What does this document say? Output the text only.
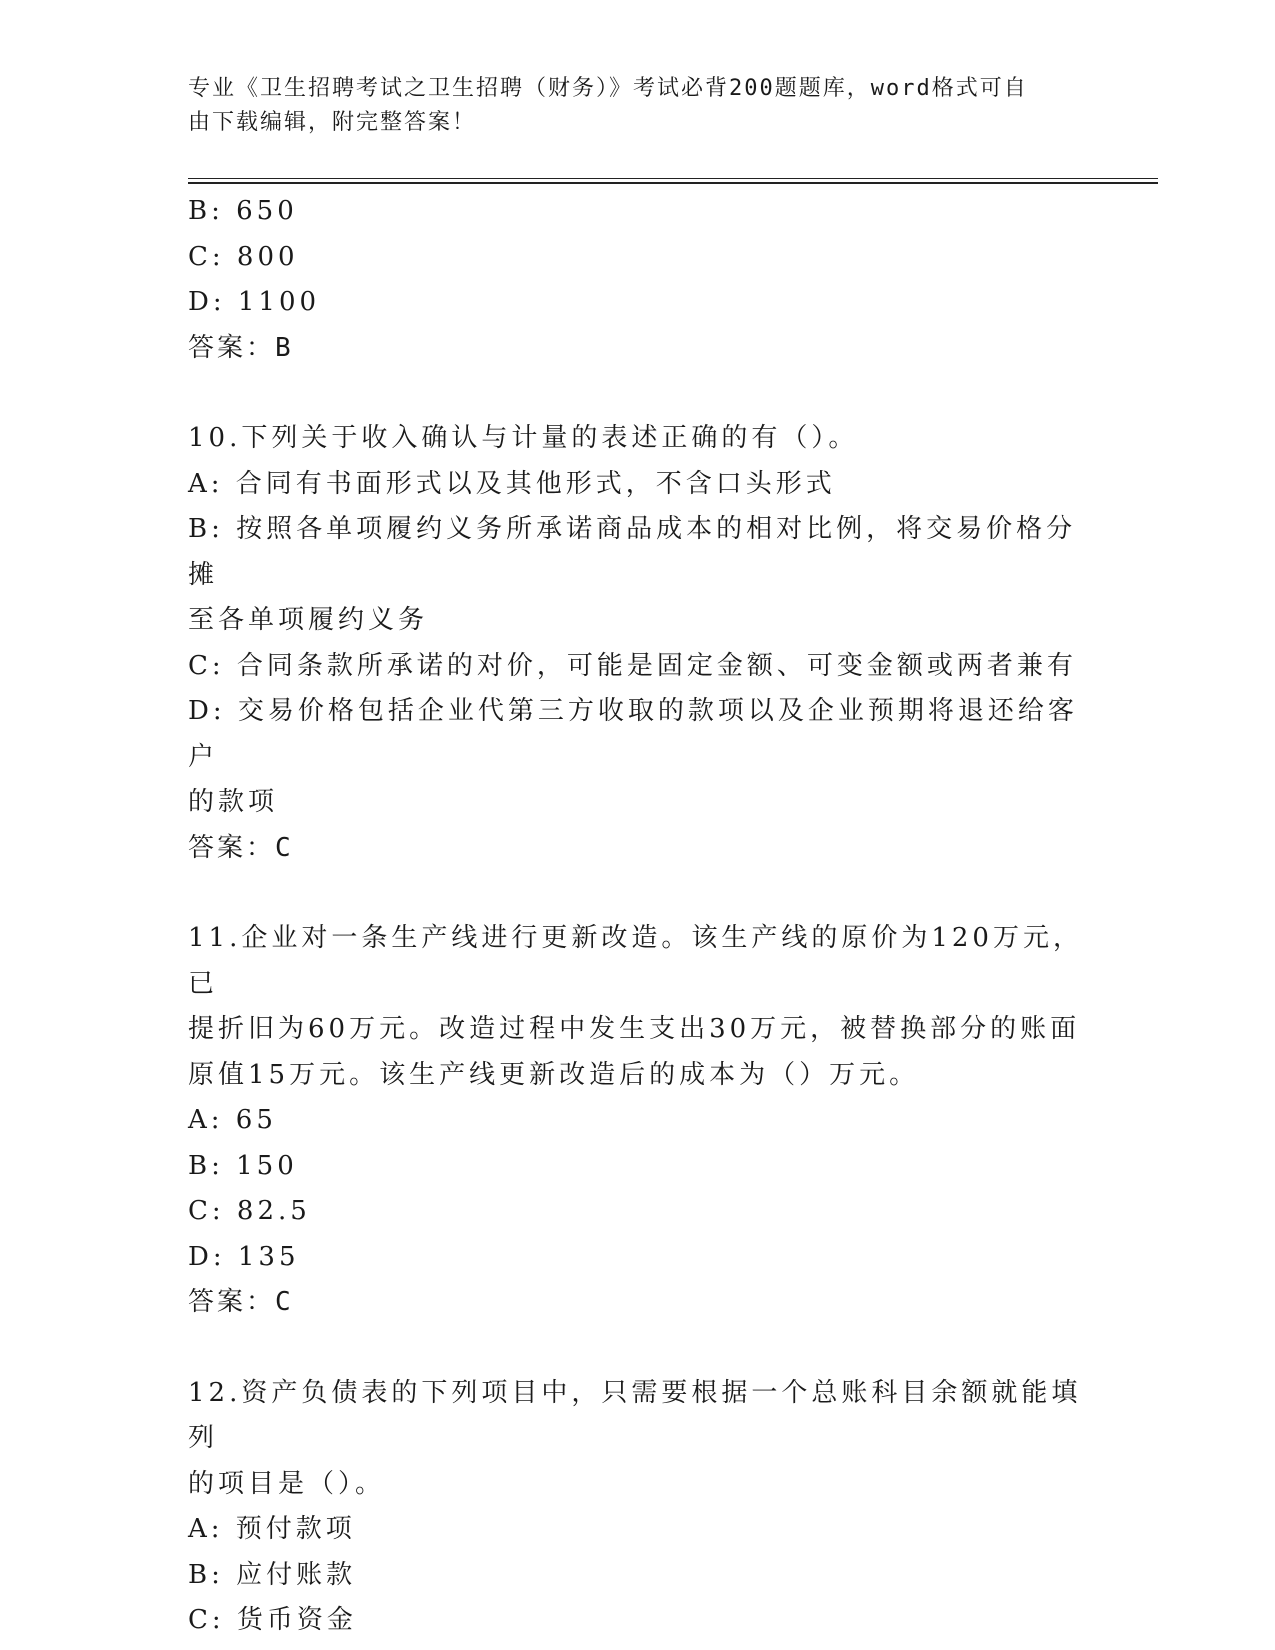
专业《卫生招聘考试之卫生招聘（财务）》考试必背200题题库，word格式可自
由下载编辑，附完整答案！
B: 650
C: 800
D: 1100
答案：B
10.下列关于收入确认与计量的表述正确的有（）。
A: 合同有书面形式以及其他形式，不含口头形式
B: 按照各单项履约义务所承诺商品成本的相对比例，将交易价格分摊
至各单项履约义务
C: 合同条款所承诺的对价，可能是固定金额、可变金额或两者兼有
D: 交易价格包括企业代第三方收取的款项以及企业预期将退还给客户
的款项
答案：C
11.企业对一条生产线进行更新改造。该生产线的原价为120万元，已
提折旧为60万元。改造过程中发生支出30万元，被替换部分的账面
原值15万元。该生产线更新改造后的成本为（）万元。
A: 65
B: 150
C: 82.5
D: 135
答案：C
12.资产负债表的下列项目中，只需要根据一个总账科目余额就能填列
的项目是（）。
A: 预付款项
B: 应付账款
C: 货币资金
